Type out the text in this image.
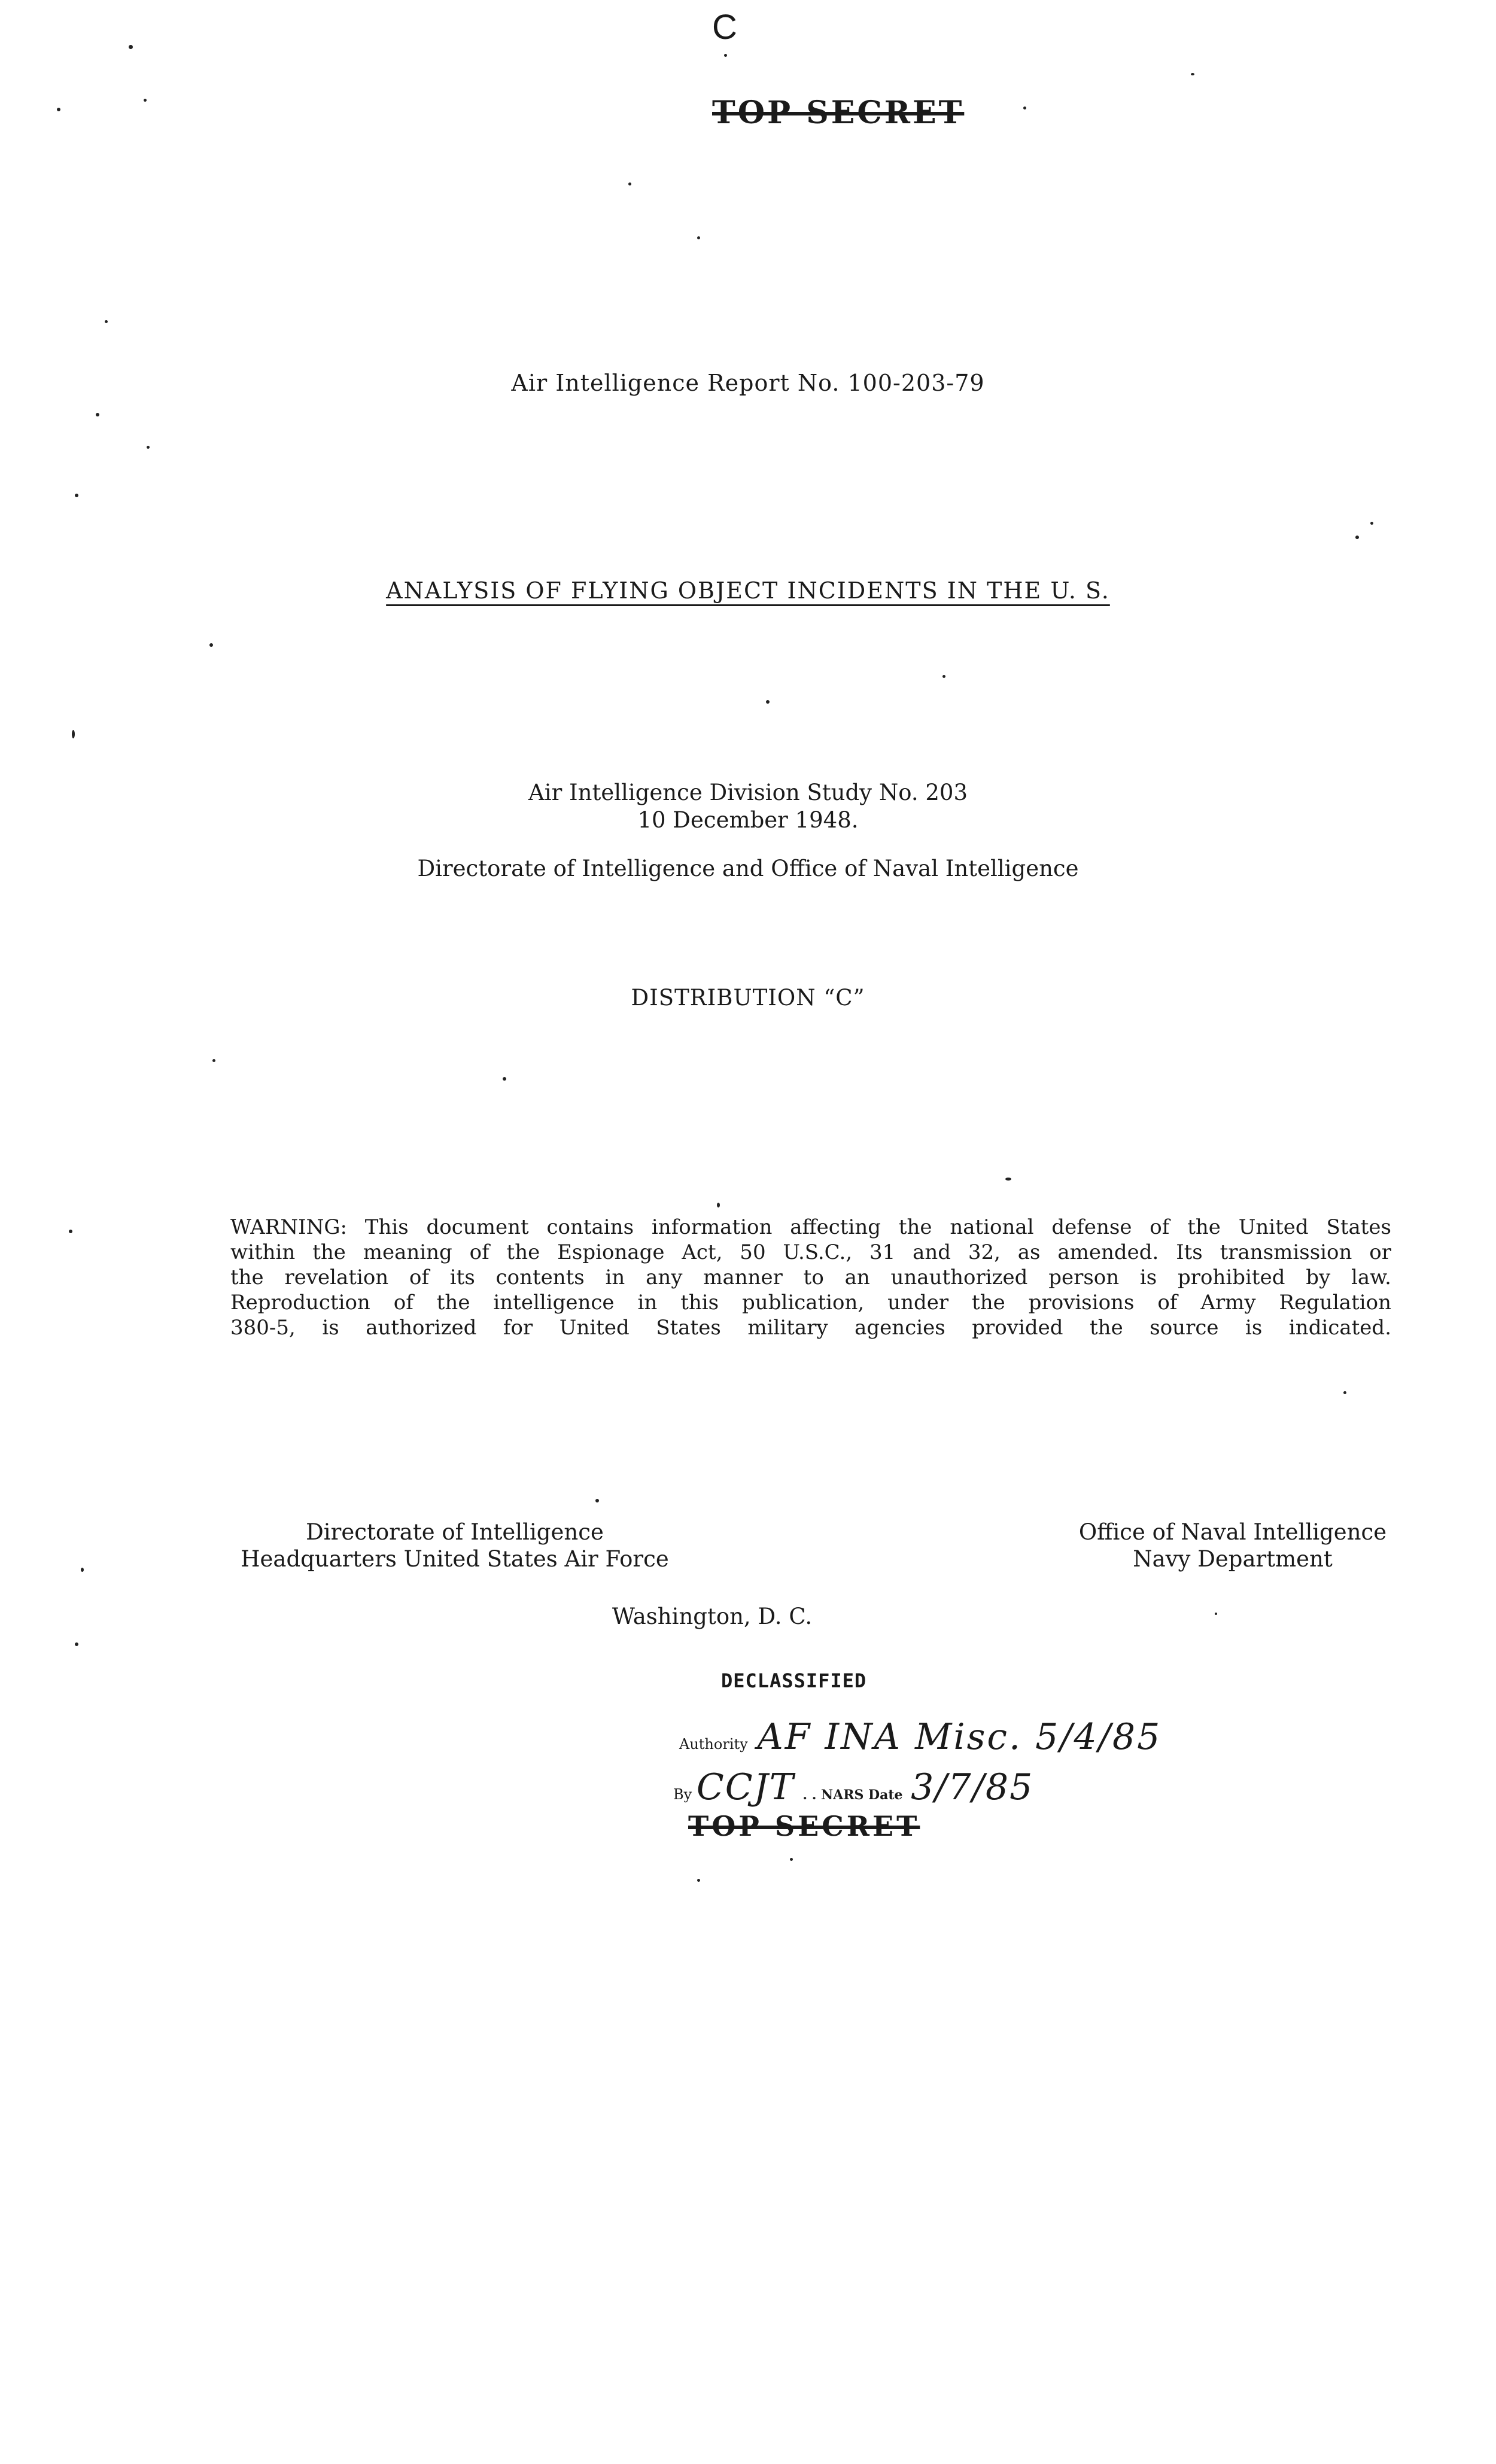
C
TOP SECRET
Air Intelligence Report No. 100-203-79
ANALYSIS OF FLYING OBJECT INCIDENTS IN THE U. S.
Air Intelligence Division Study No. 203
10 December 1948.
Directorate of Intelligence and Office of Naval Intelligence
DISTRIBUTION “C”
WARNING: This document contains information affecting the national defense of the United States
within the meaning of the Espionage Act, 50 U.S.C., 31 and 32, as amended. Its transmission or
the revelation of its contents in any manner to an unauthorized person is prohibited by law.
Reproduction of the intelligence in this publication, under the provisions of Army Regulation
380-5, is authorized for United States military agencies provided the source is indicated.
Directorate of Intelligence
Headquarters United States Air Force
Office of Naval Intelligence
Navy Department
Washington, D. C.
DECLASSIFIED
Authority AF INA Misc. 5/4/85
By CCJT . . NARS Date 3/7/85
TOP SECRET
